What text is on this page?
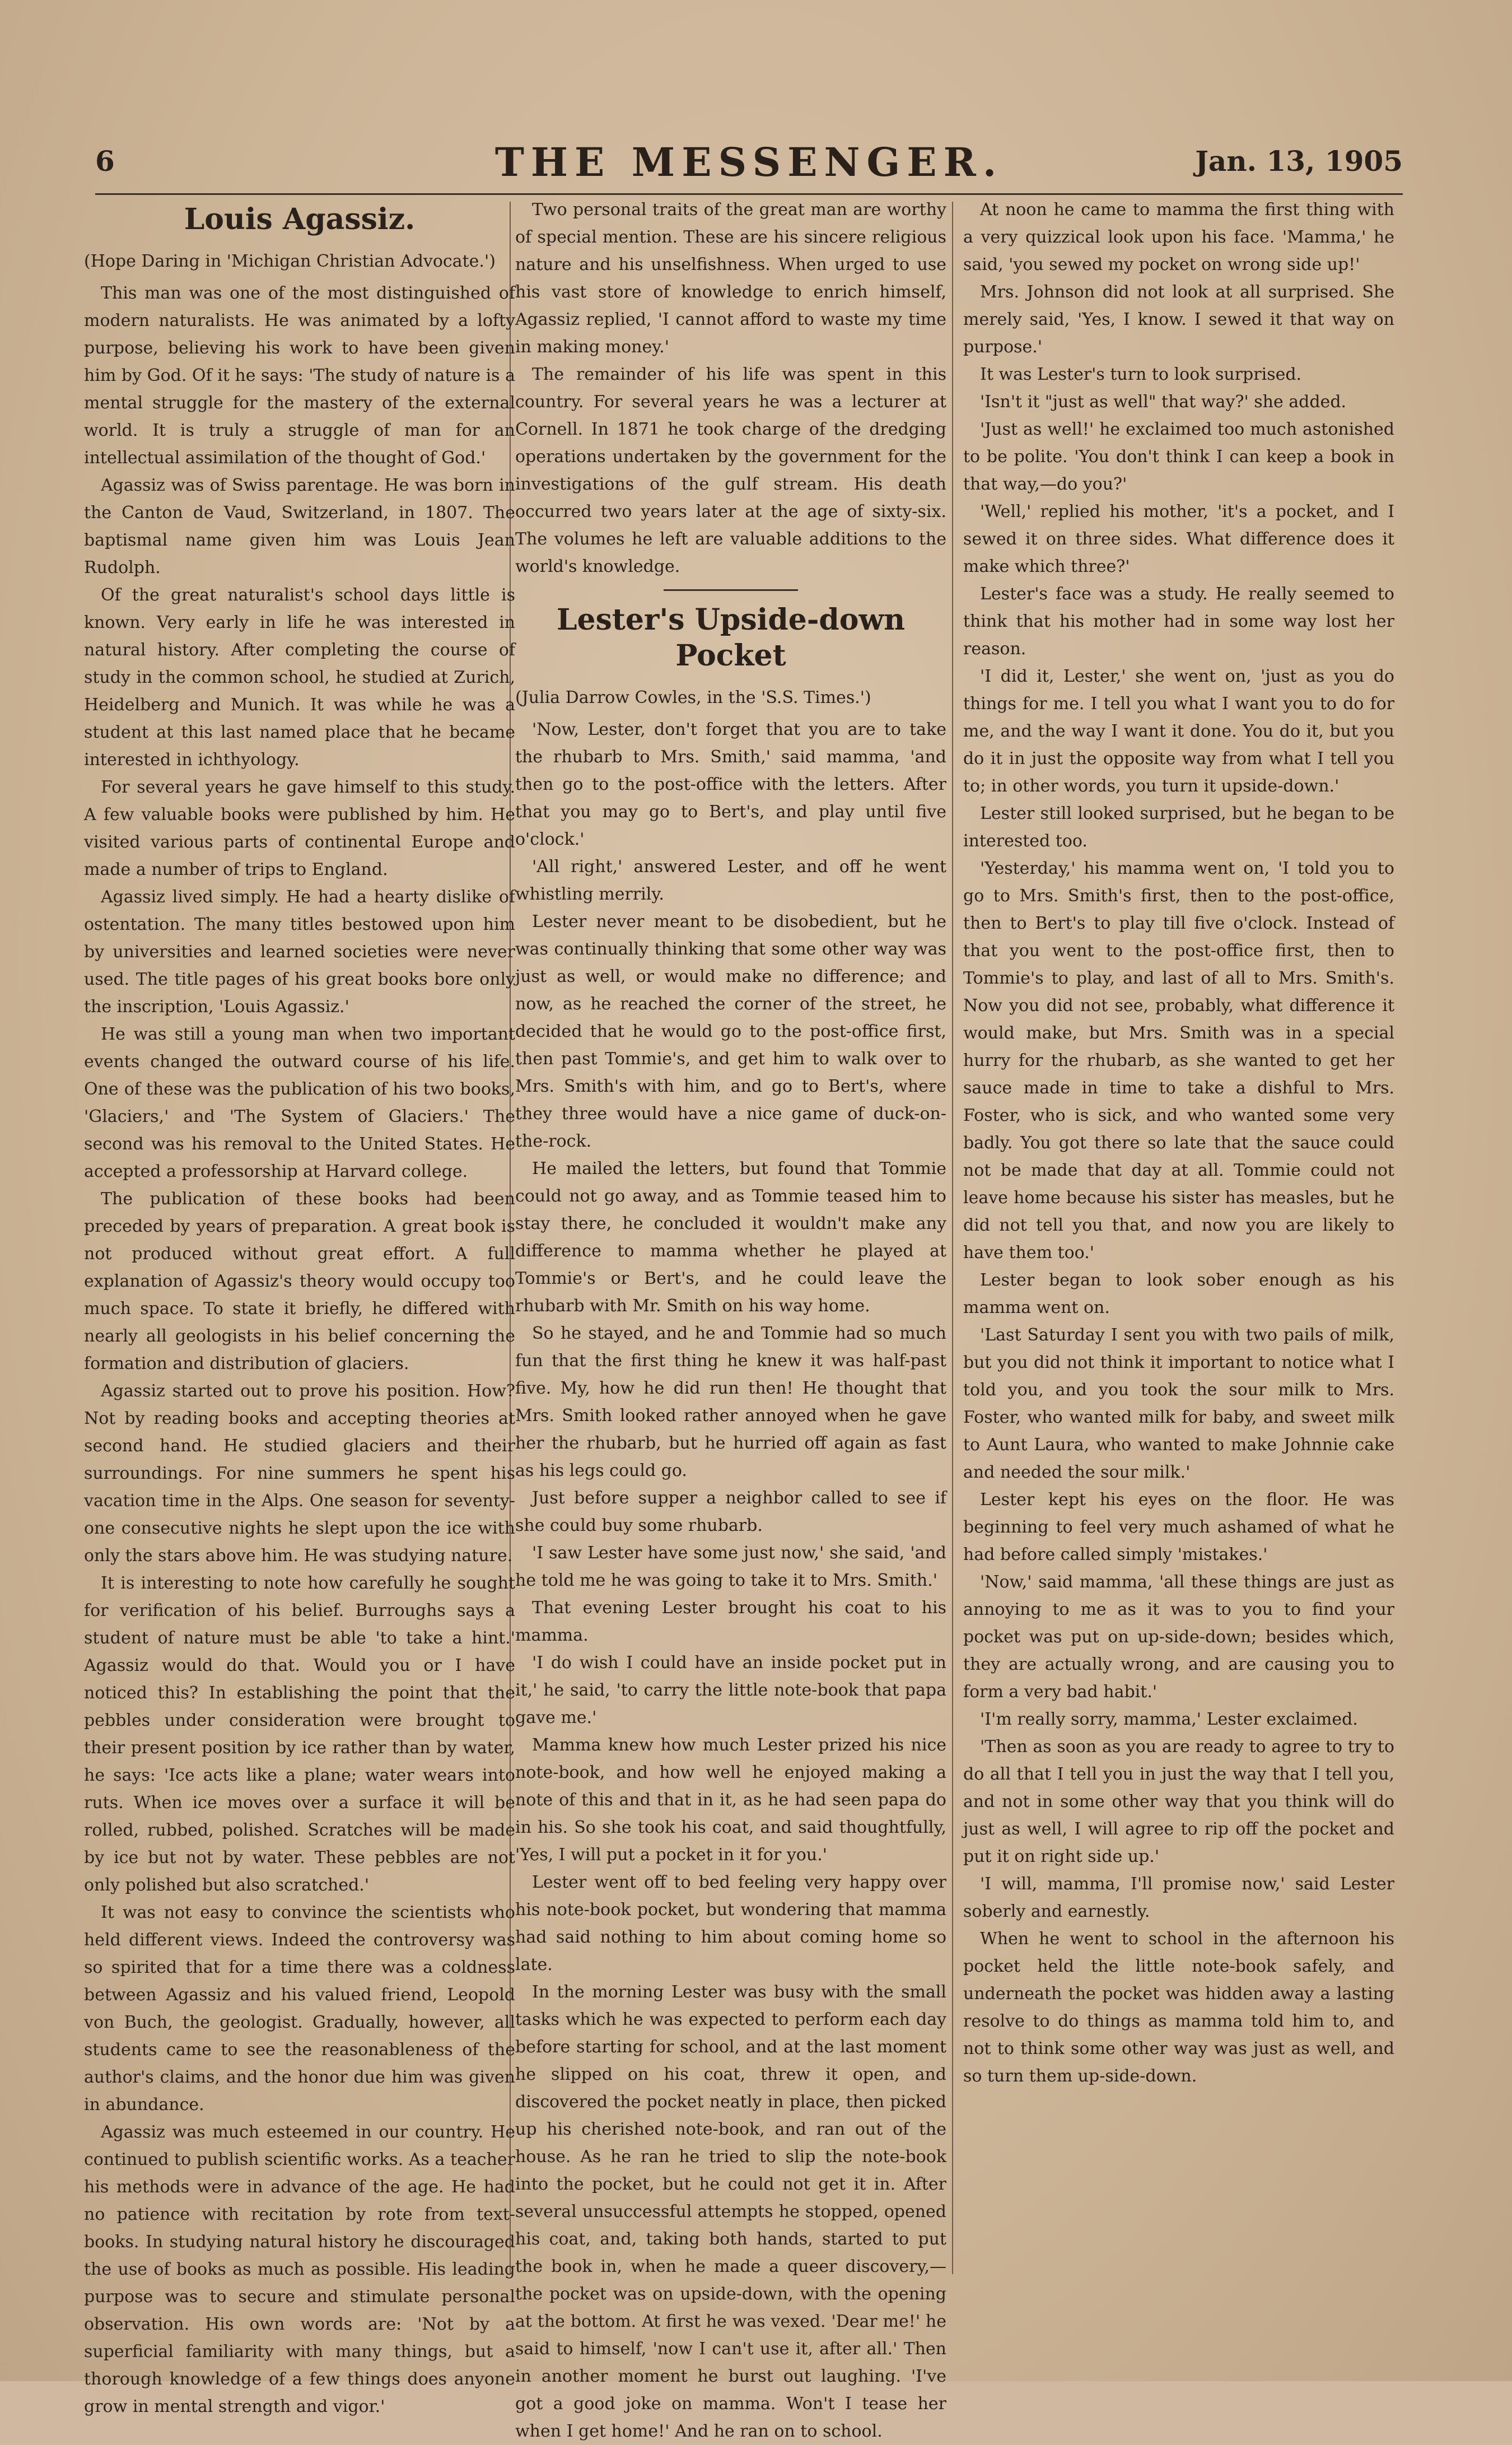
6	THE MESSENGER.	Jan. 13, 1905
Louis Agassiz.

(Hope Daring in 'Michigan Christian Advocate.')

This man was one of the most distinguished of modern naturalists. He was animated by a lofty purpose, believing his work to have been given him by God. Of it he says: 'The study of nature is a mental struggle for the mastery of the external world. It is truly a struggle of man for an intellectual assimilation of the thought of God.'

Agassiz was of Swiss parentage. He was born in the Canton de Vaud, Switzerland, in 1807. The baptismal name given him was Louis Jean Rudolph.

Of the great naturalist's school days little is known. Very early in life he was interested in natural history. After completing the course of study in the common school, he studied at Zurich, Heidelberg and Munich. It was while he was a student at this last named place that he became interested in ichthyology.

For several years he gave himself to this study. A few valuable books were published by him. He visited various parts of continental Europe and made a number of trips to England.

Agassiz lived simply. He had a hearty dislike of ostentation. The many titles bestowed upon him by universities and learned societies were never used. The title pages of his great books bore only the inscription, 'Louis Agassiz.'

He was still a young man when two important events changed the outward course of his life. One of these was the publication of his two books, 'Glaciers,' and 'The System of Glaciers.' The second was his removal to the United States. He accepted a professorship at Harvard college.

The publication of these books had been preceded by years of preparation. A great book is not produced without great effort. A full explanation of Agassiz's theory would occupy too much space. To state it briefly, he differed with nearly all geologists in his belief concerning the formation and distribution of glaciers.

Agassiz started out to prove his position. How? Not by reading books and accepting theories at second hand. He studied glaciers and their surroundings. For nine summers he spent his vacation time in the Alps. One season for seventy-one consecutive nights he slept upon the ice with only the stars above him. He was studying nature.

It is interesting to note how carefully he sought for verification of his belief. Burroughs says a student of nature must be able 'to take a hint.' Agassiz would do that. Would you or I have noticed this? In establishing the point that the pebbles under consideration were brought to their present position by ice rather than by water, he says: 'Ice acts like a plane; water wears into ruts. When ice moves over a surface it will be rolled, rubbed, polished. Scratches will be made by ice but not by water. These pebbles are not only polished but also scratched.'

It was not easy to convince the scientists who held different views. Indeed the controversy was so spirited that for a time there was a coldness between Agassiz and his valued friend, Leopold von Buch, the geologist. Gradually, however, all students came to see the reasonableness of the author's claims, and the honor due him was given in abundance.

Agassiz was much esteemed in our country. He continued to publish scientific works. As a teacher his methods were in advance of the age. He had no patience with recitation by rote from text-books. In studying natural history he discouraged the use of books as much as possible. His leading purpose was to secure and stimulate personal observation. His own words are: 'Not by a superficial familiarity with many things, but a thorough knowledge of a few things does anyone grow in mental strength and vigor.'

Two personal traits of the great man are worthy of special mention. These are his sincere religious nature and his unselfishness. When urged to use his vast store of knowledge to enrich himself, Agassiz replied, 'I cannot afford to waste my time in making money.'

The remainder of his life was spent in this country. For several years he was a lecturer at Cornell. In 1871 he took charge of the dredging operations undertaken by the government for the investigations of the gulf stream. His death occurred two years later at the age of sixty-six. The volumes he left are valuable additions to the world's knowledge.

Lester's Upside-down Pocket

(Julia Darrow Cowles, in the 'S.S. Times.')

'Now, Lester, don't forget that you are to take the rhubarb to Mrs. Smith,' said mamma, 'and then go to the post-office with the letters. After that you may go to Bert's, and play until five o'clock.'

'All right,' answered Lester, and off he went whistling merrily.

Lester never meant to be disobedient, but he was continually thinking that some other way was just as well, or would make no difference; and now, as he reached the corner of the street, he decided that he would go to the post-office first, then past Tommie's, and get him to walk over to Mrs. Smith's with him, and go to Bert's, where they three would have a nice game of duck-on-the-rock.

He mailed the letters, but found that Tommie could not go away, and as Tommie teased him to stay there, he concluded it wouldn't make any difference to mamma whether he played at Tommie's or Bert's, and he could leave the rhubarb with Mr. Smith on his way home.

So he stayed, and he and Tommie had so much fun that the first thing he knew it was half-past five. My, how he did run then! He thought that Mrs. Smith looked rather annoyed when he gave her the rhubarb, but he hurried off again as fast as his legs could go.

Just before supper a neighbor called to see if she could buy some rhubarb.

'I saw Lester have some just now,' she said, 'and he told me he was going to take it to Mrs. Smith.'

That evening Lester brought his coat to his mamma.

'I do wish I could have an inside pocket put in it,' he said, 'to carry the little note-book that papa gave me.'

Mamma knew how much Lester prized his nice note-book, and how well he enjoyed making a note of this and that in it, as he had seen papa do in his. So she took his coat, and said thoughtfully, 'Yes, I will put a pocket in it for you.'

Lester went off to bed feeling very happy over his note-book pocket, but wondering that mamma had said nothing to him about coming home so late.

In the morning Lester was busy with the small tasks which he was expected to perform each day before starting for school, and at the last moment he slipped on his coat, threw it open, and discovered the pocket neatly in place, then picked up his cherished note-book, and ran out of the house. As he ran he tried to slip the note-book into the pocket, but he could not get it in. After several unsuccessful attempts he stopped, opened his coat, and, taking both hands, started to put the book in, when he made a queer discovery,—the pocket was on upside-down, with the opening at the bottom. At first he was vexed. 'Dear me!' he said to himself, 'now I can't use it, after all.' Then in another moment he burst out laughing. 'I've got a good joke on mamma. Won't I tease her when I get home!' And he ran on to school.

At noon he came to mamma the first thing with a very quizzical look upon his face. 'Mamma,' he said, 'you sewed my pocket on wrong side up!'

Mrs. Johnson did not look at all surprised. She merely said, 'Yes, I know. I sewed it that way on purpose.'

It was Lester's turn to look surprised.

'Isn't it "just as well" that way?' she added.

'Just as well!' he exclaimed too much astonished to be polite. 'You don't think I can keep a book in that way,—do you?'

'Well,' replied his mother, 'it's a pocket, and I sewed it on three sides. What difference does it make which three?'

Lester's face was a study. He really seemed to think that his mother had in some way lost her reason.

'I did it, Lester,' she went on, 'just as you do things for me. I tell you what I want you to do for me, and the way I want it done. You do it, but you do it in just the opposite way from what I tell you to; in other words, you turn it upside-down.'

Lester still looked surprised, but he began to be interested too.

'Yesterday,' his mamma went on, 'I told you to go to Mrs. Smith's first, then to the post-office, then to Bert's to play till five o'clock. Instead of that you went to the post-office first, then to Tommie's to play, and last of all to Mrs. Smith's. Now you did not see, probably, what difference it would make, but Mrs. Smith was in a special hurry for the rhubarb, as she wanted to get her sauce made in time to take a dishful to Mrs. Foster, who is sick, and who wanted some very badly. You got there so late that the sauce could not be made that day at all. Tommie could not leave home because his sister has measles, but he did not tell you that, and now you are likely to have them too.'

Lester began to look sober enough as his mamma went on.

'Last Saturday I sent you with two pails of milk, but you did not think it important to notice what I told you, and you took the sour milk to Mrs. Foster, who wanted milk for baby, and sweet milk to Aunt Laura, who wanted to make Johnnie cake and needed the sour milk.'

Lester kept his eyes on the floor. He was beginning to feel very much ashamed of what he had before called simply 'mistakes.'

'Now,' said mamma, 'all these things are just as annoying to me as it was to you to find your pocket was put on up-side-down; besides which, they are actually wrong, and are causing you to form a very bad habit.'

'I'm really sorry, mamma,' Lester exclaimed.

'Then as soon as you are ready to agree to try to do all that I tell you in just the way that I tell you, and not in some other way that you think will do just as well, I will agree to rip off the pocket and put it on right side up.'

'I will, mamma, I'll promise now,' said Lester soberly and earnestly.

When he went to school in the afternoon his pocket held the little note-book safely, and underneath the pocket was hidden away a lasting resolve to do things as mamma told him to, and not to think some other way was just as well, and so turn them up-side-down.
